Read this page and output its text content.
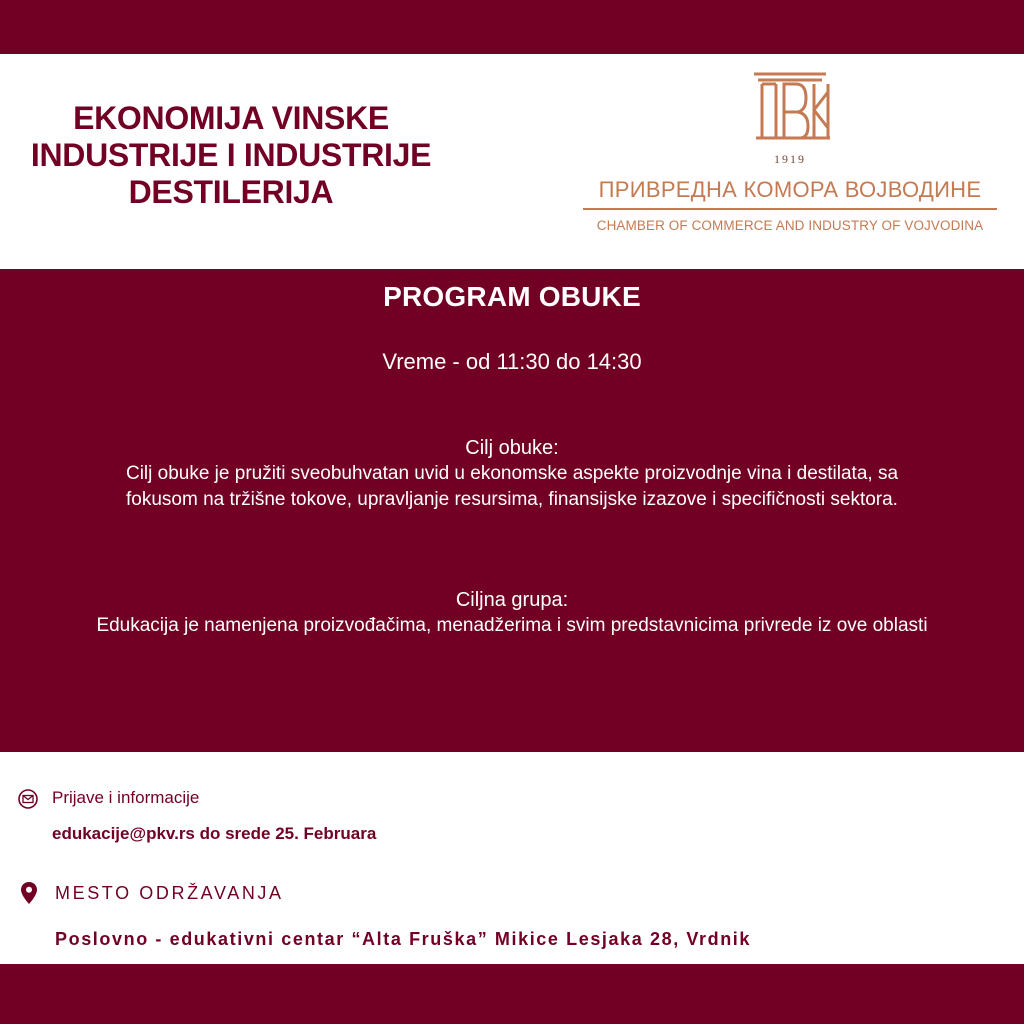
EKONOMIJA VINSKE
INDUSTRIJE I INDUSTRIJE
DESTILERIJA
1919
ПРИВРЕДНА КОМОРА ВОЈВОДИНЕ
CHAMBER OF COMMERCE AND INDUSTRY OF VOJVODINA
PROGRAM OBUKE
Vreme - od 11:30 do 14:30
Cilj obuke:
Cilj obuke je pružiti sveobuhvatan uvid u ekonomske aspekte proizvodnje vina i destilata, sa fokusom na tržišne tokove, upravljanje resursima, finansijske izazove i specifičnosti sektora.
Ciljna grupa:
Edukacija je namenjena proizvođačima, menadžerima i svim predstavnicima privrede iz ove oblasti
Prijave i informacije
edukacije@pkv.rs do srede 25. Februara
MESTO ODRŽAVANJA
Poslovno - edukativni centar “Alta Fruška” Mikice Lesjaka 28, Vrdnik
